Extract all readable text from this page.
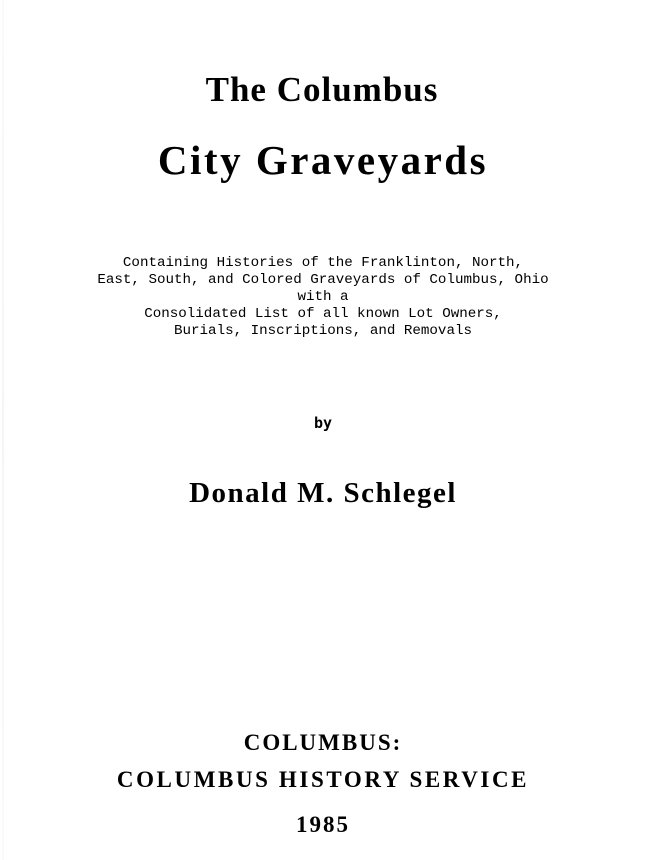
The Columbus
City Graveyards
Containing Histories of the Franklinton, North,
East, South, and Colored Graveyards of Columbus, Ohio
with a
Consolidated List of all known Lot Owners,
Burials, Inscriptions, and Removals
by
Donald M. Schlegel
COLUMBUS:
COLUMBUS HISTORY SERVICE
1985
